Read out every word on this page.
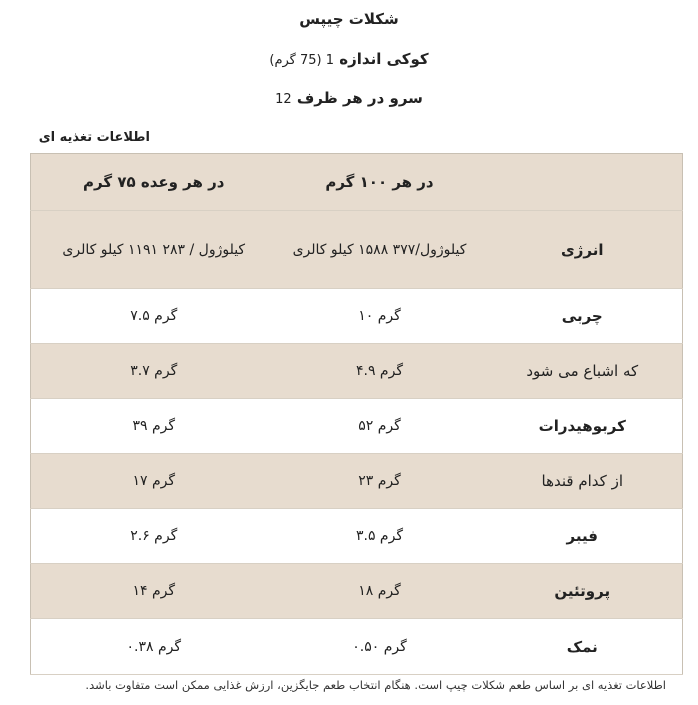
شکلات چیپس
کوکی اندازه 1 (75 گرم)
سرو در هر ظرف 12
اطلاعات تغذیه ای
در هر وعده ۷۵ گرم	در هر ۱۰۰ گرم	
کیلوژول / ۲۸۳ ۱۱۹۱ کیلو کالری	کیلوژول/۳۷۷ ۱۵۸۸ کیلو کالری	انرژی
گرم ۷.۵	گرم ۱۰	چربی
گرم ۳.۷	گرم ۴.۹	که اشباع می شود
گرم ۳۹	گرم ۵۲	کربوهیدرات
گرم ۱۷	گرم ۲۳	از کدام قندها
گرم ۲.۶	گرم ۳.۵	فیبر
گرم ۱۴	گرم ۱۸	پروتئین
گرم ۰.۳۸	گرم ۰.۵۰	نمک
اطلاعات تغذیه ای بر اساس طعم شکلات چیپ است. هنگام انتخاب طعم جایگزین، ارزش غذایی ممکن است متفاوت باشد.
